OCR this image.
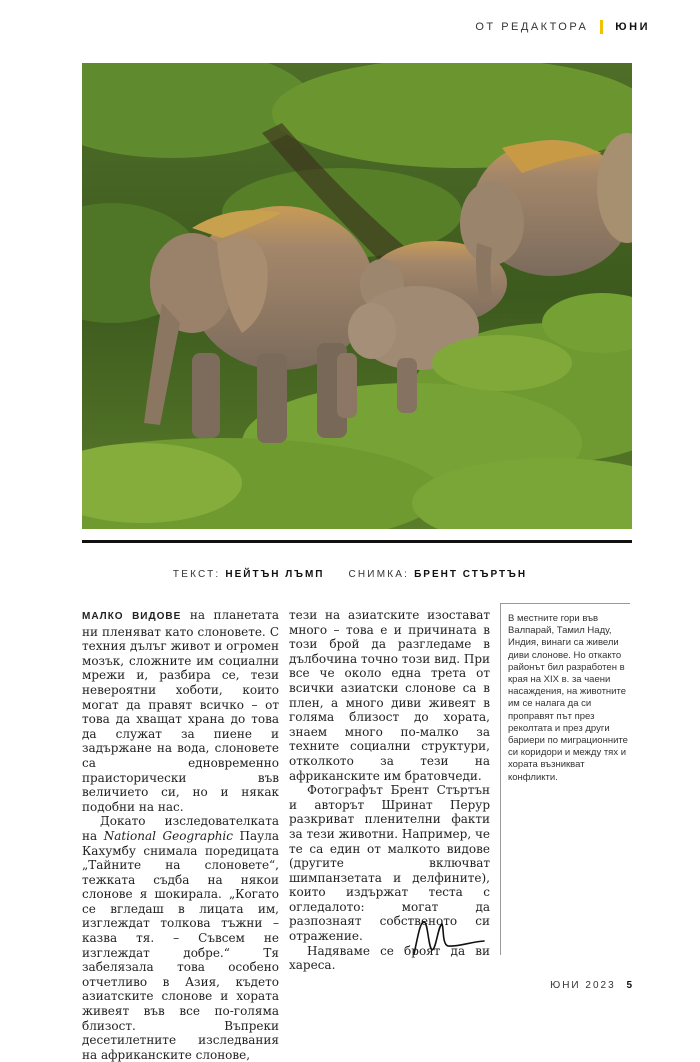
ОТ РЕДАКТОРА ЮНИ
ТЕКСТ: НЕЙТЪН ЛЪМП СНИМКА: БРЕНТ СТЪРТЪН

МАЛКО ВИДОВЕ на планетата ни пленяват като слоновете. С техния дълъг живот и огромен мозък, сложните им социални мрежи и, разбира се, тези невероятни хоботи, които могат да правят всичко – от това да хващат храна до това да служат за пиене и задържане на вода, слоновете са едновременно праисторически във величието си, но и някак подобни на нас.

Докато изследователката на National Geographic Паула Кахумбу снимала поредицата „Тайните на слоновете“, тежката съдба на някои слонове я шокирала. „Когато се вгледаш в лицата им, изглеждат толкова тъжни – казва тя. – Съвсем не изглеждат добре.“ Тя забелязала това особено отчетливо в Азия, където азиатските слонове и хората живеят във все по-голяма близост. Въпреки десетилетните изследвания на африканските слонове,

тези на азиатските изостават много – това е и причината в този брой да разгледаме в дълбочина точно този вид. При все че около една трета от всички азиатски слонове са в плен, а много диви живеят в голяма близост до хората, знаем много по-малко за техните социални структури, отколкото за тези на африканските им братовчеди.

Фотографът Брент Стъртън и авторът Шринат Перур разкриват пленителни факти за тези животни. Например, че те са един от малкото видове (другите включват шимпанзетата и делфините), които издържат теста с огледалото: могат да разпознаят собственото си отражение.

Надяваме се брoят да ви хареса.

В местните гори във Валпарай, Тамил Наду, Индия, винаги са живели диви слонове. Но откакто районът бил разработен в края на XIX в. за чаени насаждения, на животните им се налага да си проправят път през реколтата и през други бариери по миграционните си коридори и между тях и хората възникват конфликти.
ЮНИ 2023 5
